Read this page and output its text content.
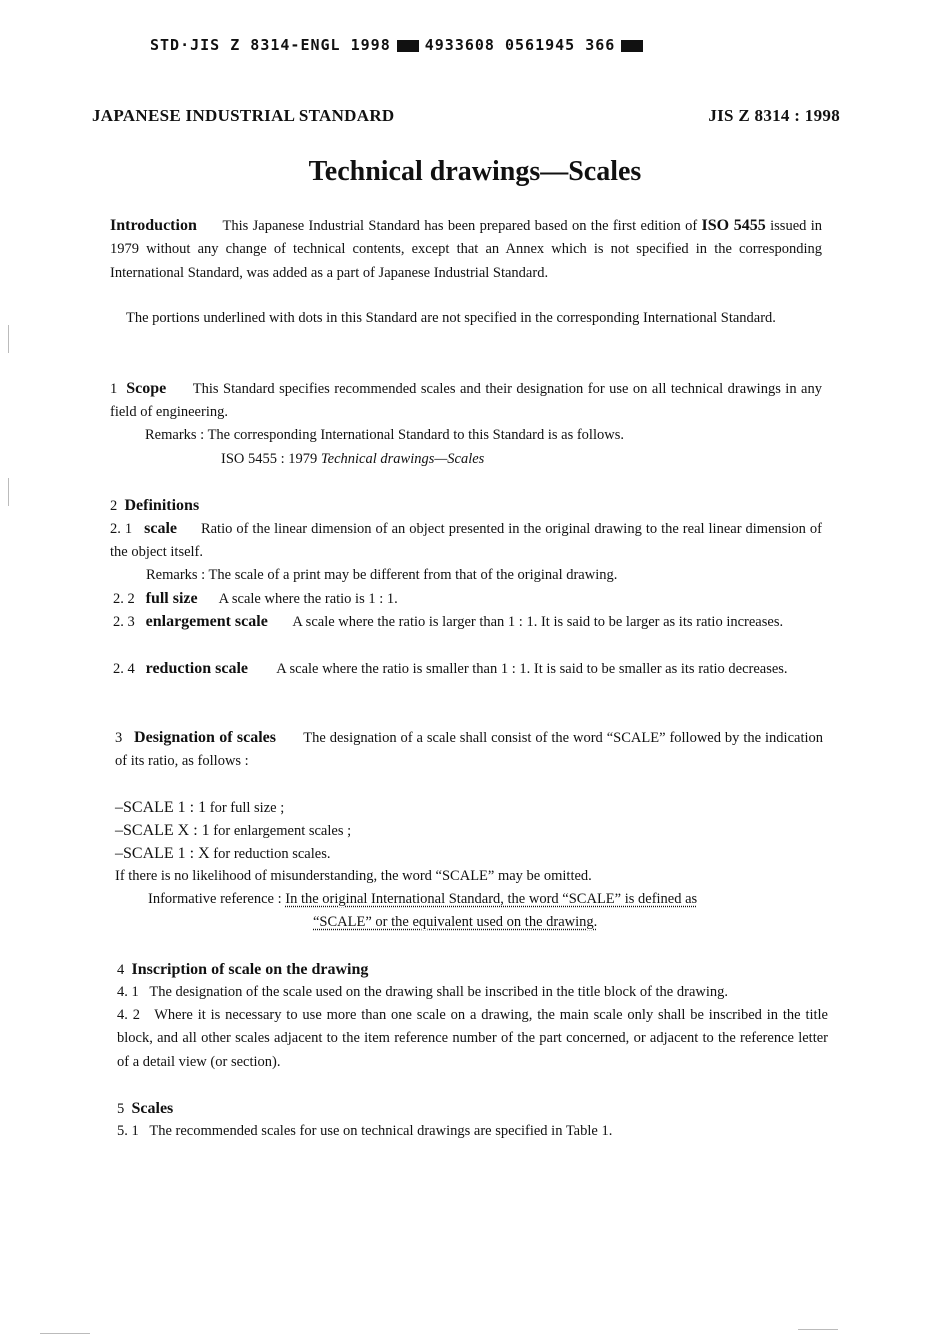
STD·JIS Z 8314-ENGL 1998 4933608 0561945 366
JAPANESE INDUSTRIAL STANDARD	JIS Z 8314 : 1998
Technical drawings—Scales
Introduction This Japanese Industrial Standard has been prepared based on the first edition of ISO 5455 issued in 1979 without any change of technical contents, except that an Annex which is not specified in the corresponding International Standard, was added as a part of Japanese Industrial Standard.
The portions underlined with dots in this Standard are not specified in the corresponding International Standard.
1 Scope This Standard specifies recommended scales and their designation for use on all technical drawings in any field of engineering.
Remarks : The corresponding International Standard to this Standard is as follows.
ISO 5455 : 1979 Technical drawings—Scales
2 Definitions
2. 1 scale Ratio of the linear dimension of an object presented in the original drawing to the real linear dimension of the object itself.
Remarks : The scale of a print may be different from that of the original drawing.
2. 2 full size A scale where the ratio is 1 : 1.
2. 3 enlargement scale A scale where the ratio is larger than 1 : 1. It is said to be larger as its ratio increases.
2. 4 reduction scale A scale where the ratio is smaller than 1 : 1. It is said to be smaller as its ratio decreases.
3 Designation of scales The designation of a scale shall consist of the word “SCALE” followed by the indication of its ratio, as follows :
–SCALE 1 : 1 for full size ;
–SCALE X : 1 for enlargement scales ;
–SCALE 1 : X for reduction scales.
If there is no likelihood of misunderstanding, the word “SCALE” may be omitted.
Informative reference : In the original International Standard, the word “SCALE” is defined as
“SCALE” or the equivalent used on the drawing.
4 Inscription of scale on the drawing
4. 1 The designation of the scale used on the drawing shall be inscribed in the title block of the drawing.
4. 2 Where it is necessary to use more than one scale on a drawing, the main scale only shall be inscribed in the title block, and all other scales adjacent to the item reference number of the part concerned, or adjacent to the reference letter of a detail view (or section).
5 Scales
5. 1 The recommended scales for use on technical drawings are specified in Table 1.
